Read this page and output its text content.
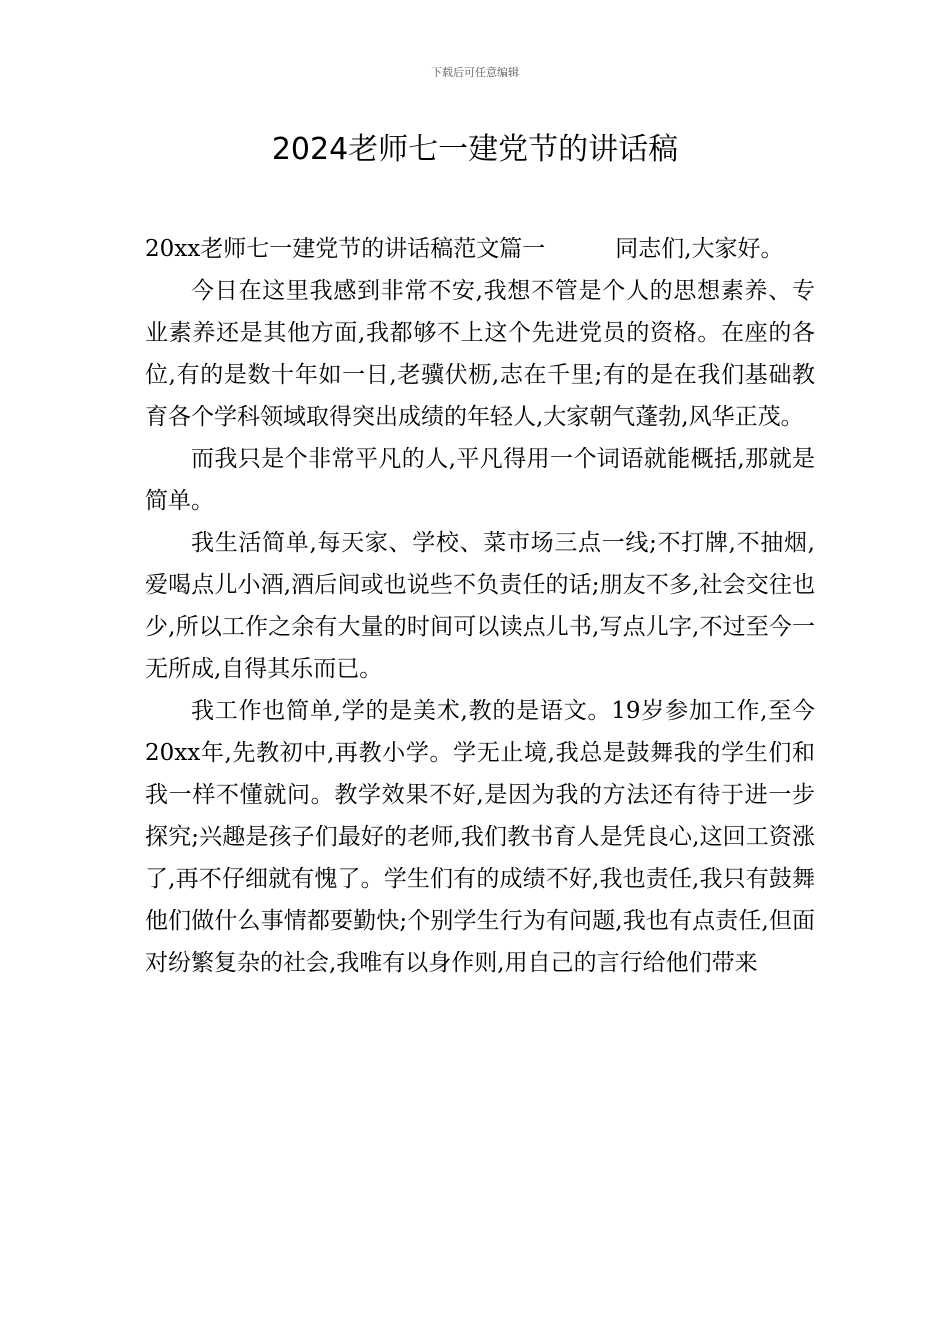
下载后可任意编辑
2024老师七一建党节的讲话稿

20xx老师七一建党节的讲话稿范文篇一	同志们,大家好。

今日在这里我感到非常不安,我想不管是个人的思想素养、专业素养还是其他方面,我都够不上这个先进党员的资格。在座的各位,有的是数十年如一日,老骥伏枥,志在千里;有的是在我们基础教育各个学科领域取得突出成绩的年轻人,大家朝气蓬勃,风华正茂。

而我只是个非常平凡的人,平凡得用一个词语就能概括,那就是简单。

我生活简单,每天家、学校、菜市场三点一线;不打牌,不抽烟,爱喝点儿小酒,酒后间或也说些不负责任的话;朋友不多,社会交往也少,所以工作之余有大量的时间可以读点儿书,写点儿字,不过至今一无所成,自得其乐而已。

我工作也简单,学的是美术,教的是语文。19岁参加工作,至今20xx年,先教初中,再教小学。学无止境,我总是鼓舞我的学生们和我一样不懂就问。教学效果不好,是因为我的方法还有待于进一步探究;兴趣是孩子们最好的老师,我们教书育人是凭良心,这回工资涨了,再不仔细就有愧了。学生们有的成绩不好,我也责任,我只有鼓舞他们做什么事情都要勤快;个别学生行为有问题,我也有点责任,但面对纷繁复杂的社会,我唯有以身作则,用自己的言行给他们带来
